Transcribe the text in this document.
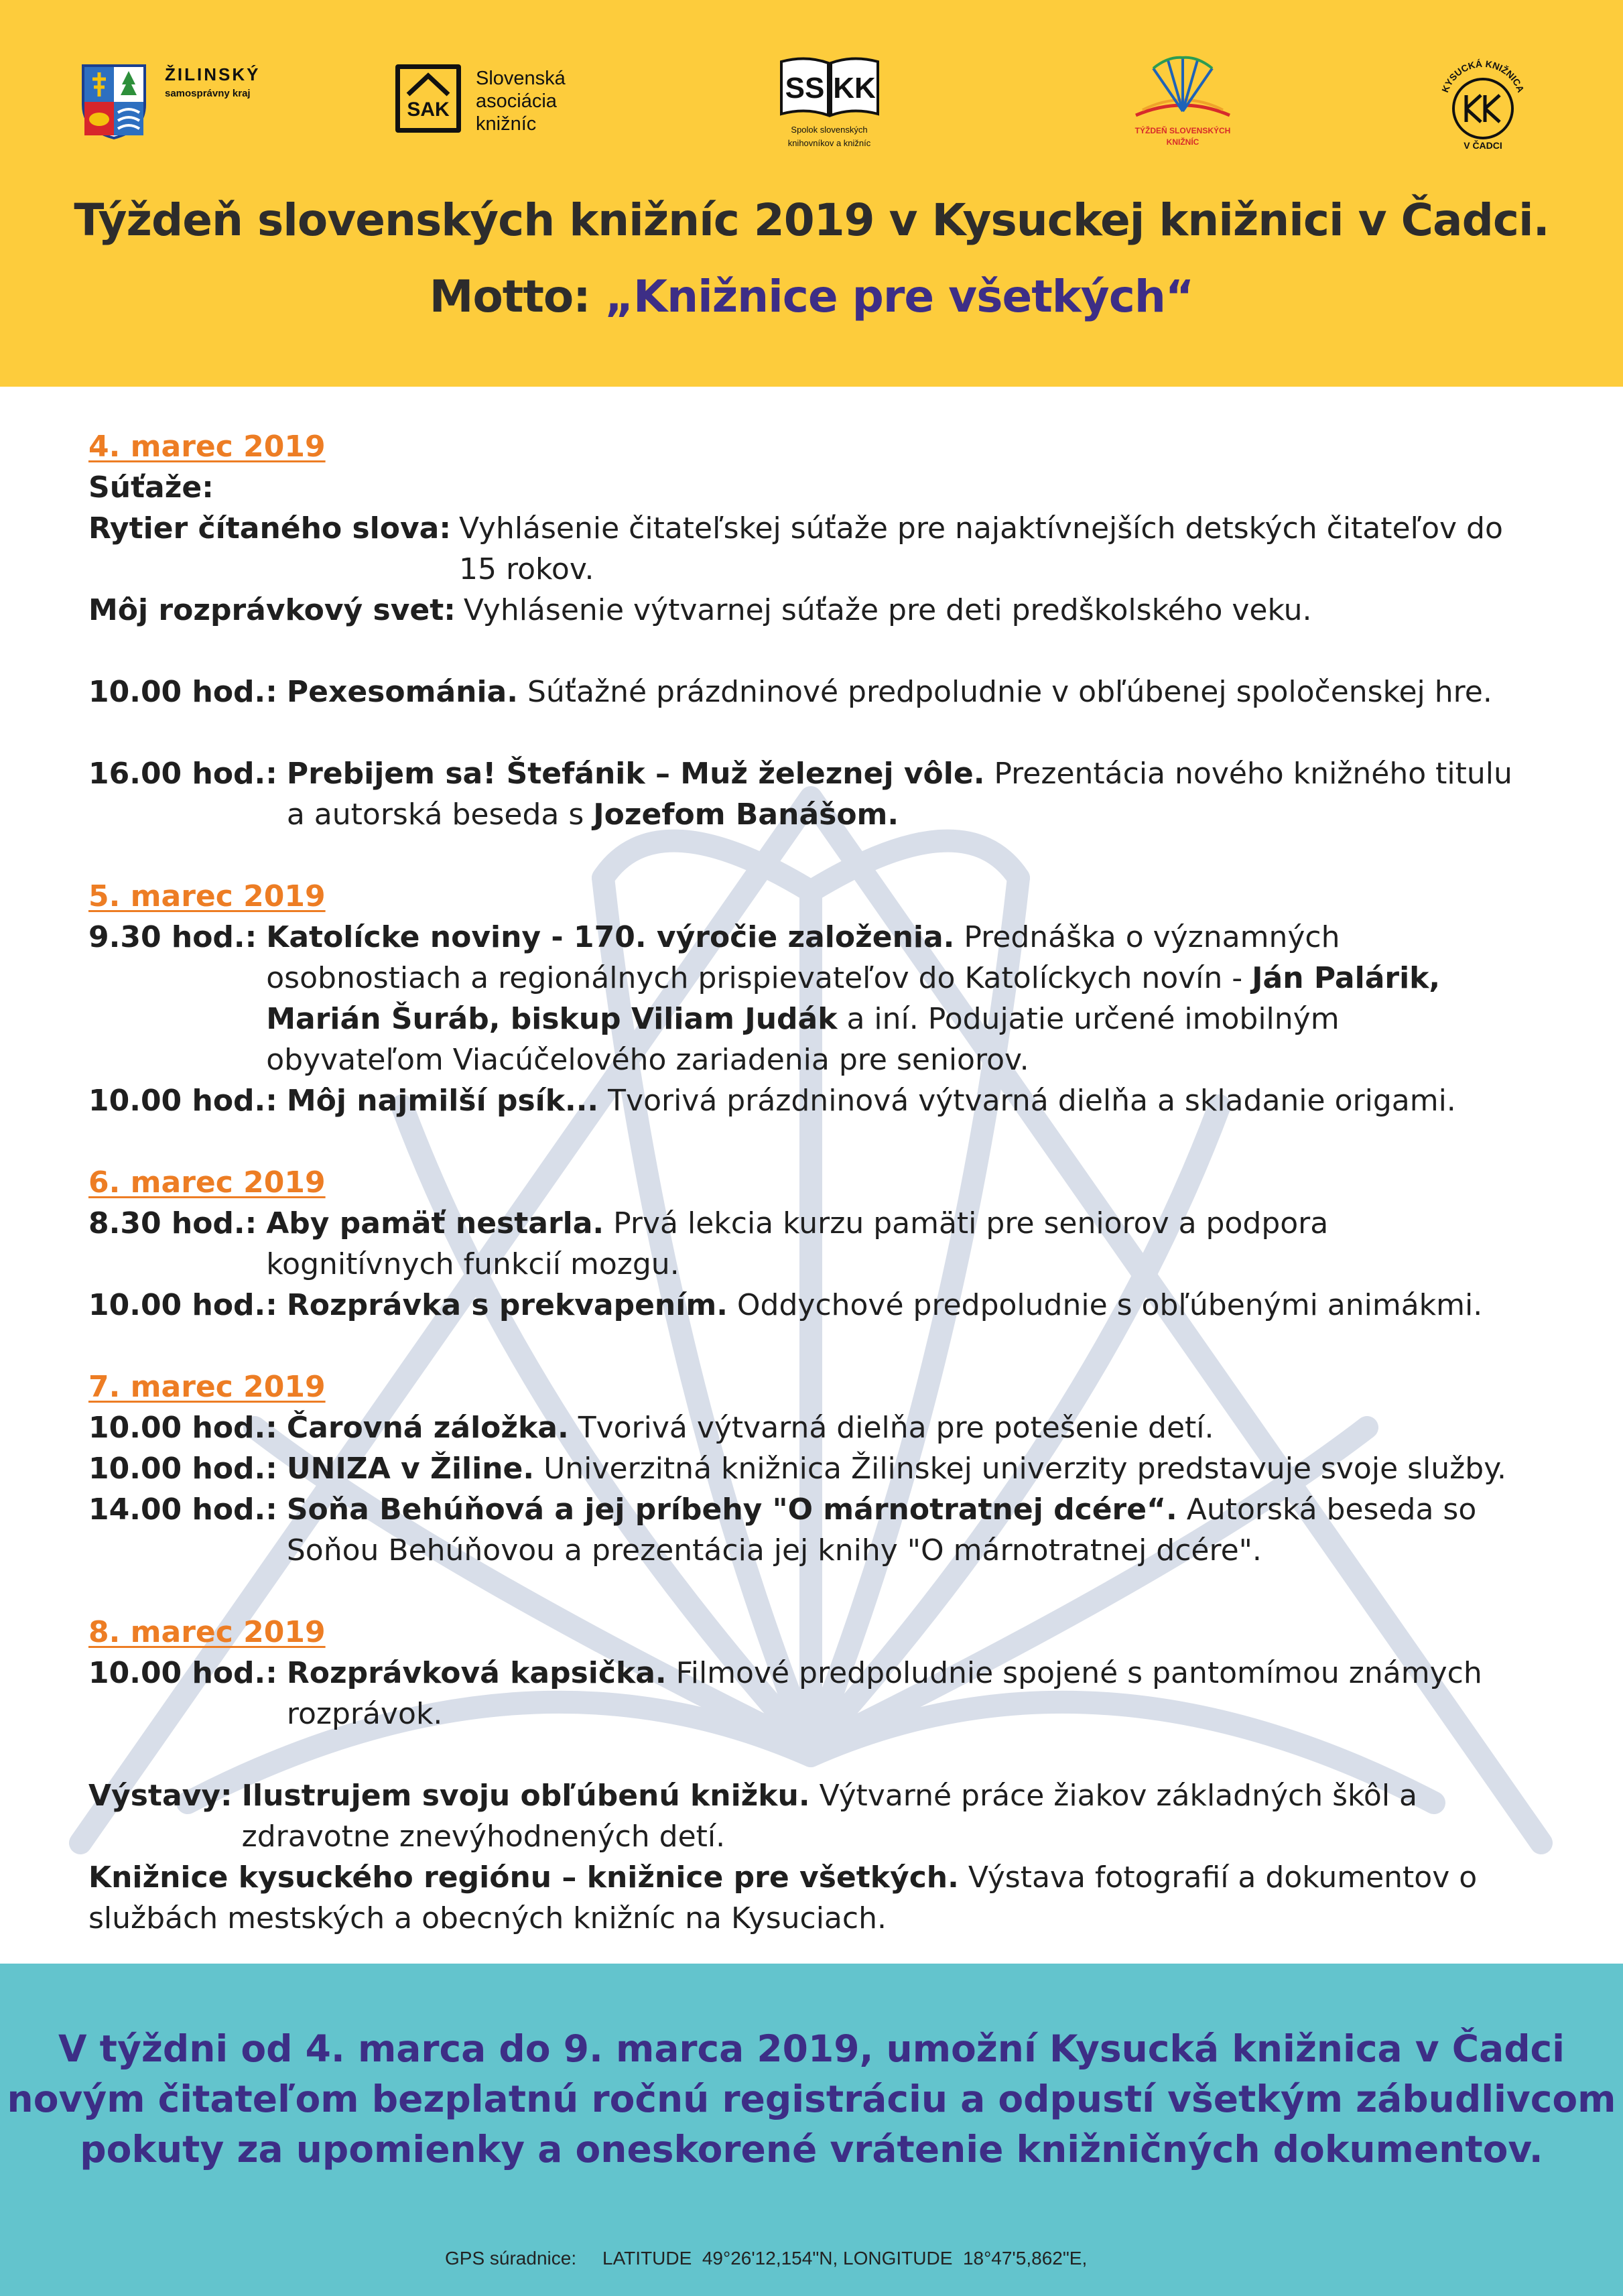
ŽILINSKÝ
samosprávny kraj
SAK
Slovenská
asociácia
knižníc
SS KK
Spolok slovenských
knihovníkov a knižníc
TÝŽDEŇ SLOVENSKÝCH
KNIŽNÍC
KYSUCKÁ KNIŽNICA
V ČADCI
Týždeň slovenských knižníc 2019 v Kysuckej knižnici v Čadci.
Motto: „Knižnice pre všetkých“
4. marec 2019
Súťaže:
Rytier čítaného slova: Vyhlásenie čitateľskej súťaže pre najaktívnejších detských čitateľov do 15 rokov.
Môj rozprávkový svet: Vyhlásenie výtvarnej súťaže pre deti predškolského veku.
10.00 hod.: Pexesománia. Súťažné prázdninové predpoludnie v obľúbenej spoločenskej hre.
16.00 hod.: Prebijem sa! Štefánik – Muž železnej vôle. Prezentácia nového knižného titulu a autorská beseda s Jozefom Banášom.
5. marec 2019
9.30 hod.: Katolícke noviny - 170. výročie založenia. Prednáška o významných osobnostiach a regionálnych prispievateľov do Katolíckych novín - Ján Palárik, Marián Šuráb, biskup Viliam Judák a iní. Podujatie určené imobilným obyvateľom Viacúčelového zariadenia pre seniorov.
10.00 hod.: Môj najmilší psík... Tvorivá prázdninová výtvarná dielňa a skladanie origami.
6. marec 2019
8.30 hod.: Aby pamäť nestarla. Prvá lekcia kurzu pamäti pre seniorov a podpora kognitívnych funkcií mozgu.
10.00 hod.: Rozprávka s prekvapením. Oddychové predpoludnie s obľúbenými animákmi.
7. marec 2019
10.00 hod.: Čarovná záložka. Tvorivá výtvarná dielňa pre potešenie detí.
10.00 hod.: UNIZA v Žiline. Univerzitná knižnica Žilinskej univerzity predstavuje svoje služby.
14.00 hod.: Soňa Behúňová a jej príbehy "O márnotratnej dcére“. Autorská beseda so Soňou Behúňovou a prezentácia jej knihy "O márnotratnej dcére".
8. marec 2019
10.00 hod.: Rozprávková kapsička. Filmové predpoludnie spojené s pantomímou známych rozprávok.
Výstavy: Ilustrujem svoju obľúbenú knižku. Výtvarné práce žiakov základných škôl a zdravotne znevýhodnených detí.
Knižnice kysuckého regiónu – knižnice pre všetkých. Výstava fotografií a dokumentov o službách mestských a obecných knižníc na Kysuciach.
V týždni od 4. marca do 9. marca 2019, umožní Kysucká knižnica v Čadci
novým čitateľom bezplatnú ročnú registráciu a odpustí všetkým zábudlivcom
pokuty za upomienky a oneskorené vrátenie knižničných dokumentov.
GPS súradnice: LATITUDE  49°26'12,154"N, LONGITUDE  18°47'5,862"E,
